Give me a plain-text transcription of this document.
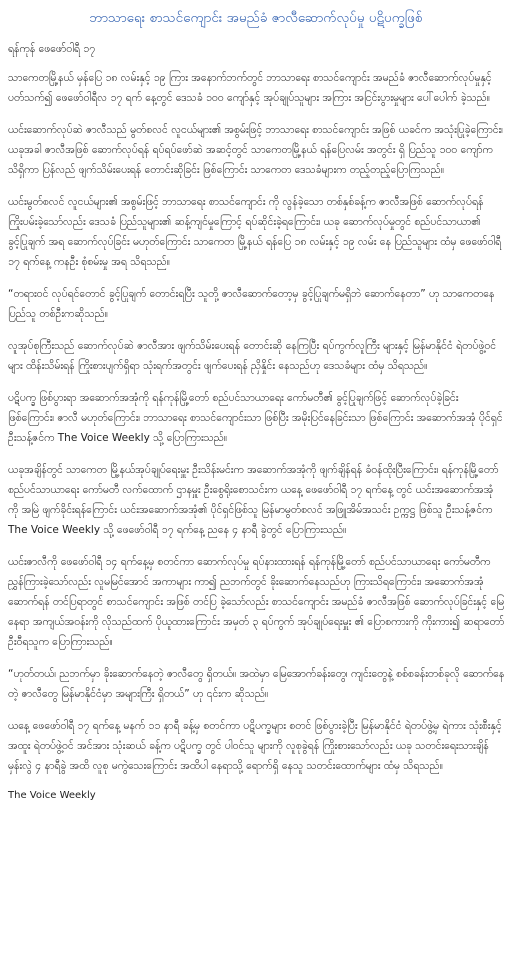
ဘာသာရေး စာသင်ကျောင်း အမည်ခံ ဇာလီဆောက်လုပ်မှု ပဋိပက္ခဖြစ်

ရန်ကုန် ဖေဖော်ဝါရီ ၁၇

သာကေတမြို့နယ် မှန်ပြေ ၁၈ လမ်းနှင့် ၁၉ ကြား အနောက်ဘက်တွင် ဘာသာရေး စာသင်ကျောင်း အမည်ခံ ဇာလီဆောက်လုပ်မှုနှင့် ပတ်သက်၍ ဖေဖော်ဝါရီလ ၁၇ ရက် နေ့တွင် ဒေသခံ ၁၀၀ ကျော်နှင့် အုပ်ချုပ်သူများ အကြား အငြင်းပွားမှုများ ပေါ်ပေါက် ခဲ့သည်။

ယင်းဆောက်လုပ်ဆဲ ဇာလီသည် မွတ်စလင် လူငယ်များ၏ အစွမ်းဖြင့် ဘာသာရေး စာသင်ကျောင်း အဖြစ် ယခင်က အသုံးပြုခဲ့ကြောင်း၊ ယခုအခါ ဇာလီအဖြစ် ဆောက်လုပ်ရန် ရပ်ရပ်ဖော်ဆဲ အဆင့်တွင် သာကေတမြို့နယ် ရန်ပြေလမ်း အတွင်း ရှိ ပြည်သူ ၁၀၀ ကျော်က သိရှိကာ ပြန်လည် ဖျက်သိမ်းပေးရန် တောင်းဆိုခြင်း ဖြစ်ကြောင်း သာကေတ ဒေသခံများက တည့်တည့်ပြောကြသည်။

ယင်းမွတ်စလင် လူငယ်များ၏ အစွမ်းဖြင့် ဘာသာရေး စာသင်ကျောင်း ကို လွန်ခဲ့သော တစ်နှစ်ခန့်က ဇာလီအဖြစ် ဆောက်လုပ်ရန် ကြိုးပမ်းခဲ့သော်လည်း ဒေသခံ ပြည်သူများ၏ ဆန့်ကျင်မှုကြောင့် ရပ်ဆိုင်းခဲ့ရကြောင်း၊ ယခု ဆောက်လုပ်မှုတွင် စည်ပင်သာယာ၏ ခွင့်ပြုချက် အရ ဆောက်လုပ်ခြင်း မဟုတ်ကြောင်း သာကေတ မြို့နယ် ရန်ပြေ ၁၈ လမ်းနှင့် ၁၉ လမ်း နေ ပြည်သူများ ထံမှ ဖေဖော်ဝါရီ ၁၇ ရက်နေ့ ကနဦး စုံစမ်းမှု အရ သိရသည်။

“တရားဝင် လုပ်ရင်တောင် ခွင့်ပြုချက် တောင်းရပြီး သူတို့ ဇာလီဆောက်တော့မှ ခွင့်ပြုချက်မရှိဘဲ ဆောက်နေတာ” ဟု သာကေတနေ ပြည်သူ တစ်ဦးကဆိုသည်။

လူအုပ်စုကြီးသည် ဆောက်လုပ်ဆဲ ဇာလီအား ဖျက်သိမ်းပေးရန် တောင်းဆို နေကြပြီး ရပ်ကွက်လူကြီး များနှင့် မြန်မာနိုင်ငံ ရဲတပ်ဖွဲ့ဝင်များ ထိန်းသိမ်းရန် ကြိုးစားပျက်ရှိရာ သုံးရက်အတွင်း ဖျက်ပေးရန် ညှိနှိုင်း နေသည်ဟု ဒေသခံများ ထံမှ သိရသည်။

ပဋိပက္ခ ဖြစ်ပွားရာ အဆောက်အအုံကို ရန်ကုန်မြို့တော် စည်ပင်သာယာရေး ကော်မတီ၏ ခွင့်ပြုချက်ဖြင့် ဆောက်လုပ်ခဲ့ခြင်း ဖြစ်ကြောင်း၊ ဇာလီ မဟုတ်ကြောင်း၊ ဘာသာရေး စာသင်ကျောင်းသာ ဖြစ်ပြီး အမိုးပြင်နေခြင်းသာ ဖြစ်ကြောင်း အဆောက်အအုံ ပိုင်ရှင် ဦးသန့်ဇင်က The Voice Weekly သို့ ပြောကြားသည်။

ယခုအချိန်တွင် သာကေတ မြို့နယ်အုပ်ချုပ်ရေးမှူး ဦးသိန်းမင်းက အဆောက်အအုံကို ဖျက်ချိန်ရန် ခံဝန်ထိုးပြီးကြောင်း၊ ရန်ကုန်မြို့တော် စည်ပင်သာယာရေး ကော်မတီ လက်ထောက် ဌာနမှူး ဦးစွေရိုးစောသင်းက ယနေ့ ဖေဖော်ဝါရီ ၁၇ ရက်နေ့ တွင် ယင်းအဆောက်အအုံ ကို အမြဲ ဖျက်ခိုင်းရန်ကြောင်း ယင်းအဆောက်အအုံ၏ ပိုင်ရှင်ဖြစ်သူ မြန်မာမွတ်စလင် အဖြူအိမ်အသင်း ဥက္ကဋ္ဌ ဖြစ်သူ ဦးသန့်ဇင်က The Voice Weekly သို့ ဖေဖော်ဝါရီ ၁၇ ရက်နေ့ ညနေ ၄ နာရီ ခွဲတွင် ပြောကြားသည်။

ယင်းဇာလီကို ဖေဖော်ဝါရီ ၁၄ ရက်နေ့မှ စတင်ကာ ဆောက်လုပ်မှု ရပ်နားထားရန် ရန်ကုန်မြို့တော် စည်ပင်သာယာရေး ကော်မတီက ညွှန်ကြားခဲ့သော်လည်း လူမမြင်အောင် အကာများ ကာ၍ ညဘက်တွင် ခိုးဆောက်နေသည်ဟု ကြားသိရကြောင်း၊ အဆောက်အအုံ ဆောက်ရန် တင်ပြရာတွင် စာသင်ကျောင်း အဖြစ် တင်ပြ ခဲ့သော်လည်း စာသင်ကျောင်း အမည်ခံ ဇာလီအဖြစ် ဆောက်လုပ်ခြင်းနှင့် မြေနေရာ အကျယ်အဝန်းကို လိုသည်ထက် ပိုယူထားကြောင်း အမှတ် ၃ ရပ်ကွက် အုပ်ချုပ်ရေးမှူး ၏ ပြောစကားကို ကိုးကား၍ ဆရာတော် ဦးဝီရသူက ပြောကြားသည်။

“ဟုတ်တယ်၊ ညဘက်မှာ ခိုးဆောက်နေတဲ့ ဇာလီတွေ ရှိတယ်။ အထဲမှာ မြေအောက်ခန်းတွေ၊ ကျင်းတွေနဲ့ စစ်စခန်းတစ်ခုလို ဆောက်နေတဲ့ ဇာလီတွေ မြန်မာနိုင်ငံမှာ အများကြီး ရှိတယ်” ဟု ၎င်းက ဆိုသည်။

ယနေ့ ဖေဖော်ဝါရီ ၁၇ ရက်နေ့ မနက် ၁၁ နာရီ ခန့်မှ စတင်ကာ ပဋိပက္ခများ စတင် ဖြစ်ပွားခဲ့ပြီး မြန်မာနိုင်ငံ ရဲတပ်ဖွဲ့မှ ရဲကား သုံးစီးနှင့် အထူး ရဲတပ်ဖွဲ့ဝင် အင်အား သုံးဆယ် ခန့်က ပဋိပက္ခ တွင် ပါဝင်သူ များကို လူစုခွဲရန် ကြိုးစားသော်လည်း ယခု သတင်းရေးသားချိန် မှန်းလွဲ ၄ နာရီခွဲ အထိ လူစု မကွဲသေးကြောင်း အထိပါ နေရာသို့ ရောက်ရှိ နေသူ သတင်းထောက်များ ထံမှ သိရသည်။

The Voice Weekly
